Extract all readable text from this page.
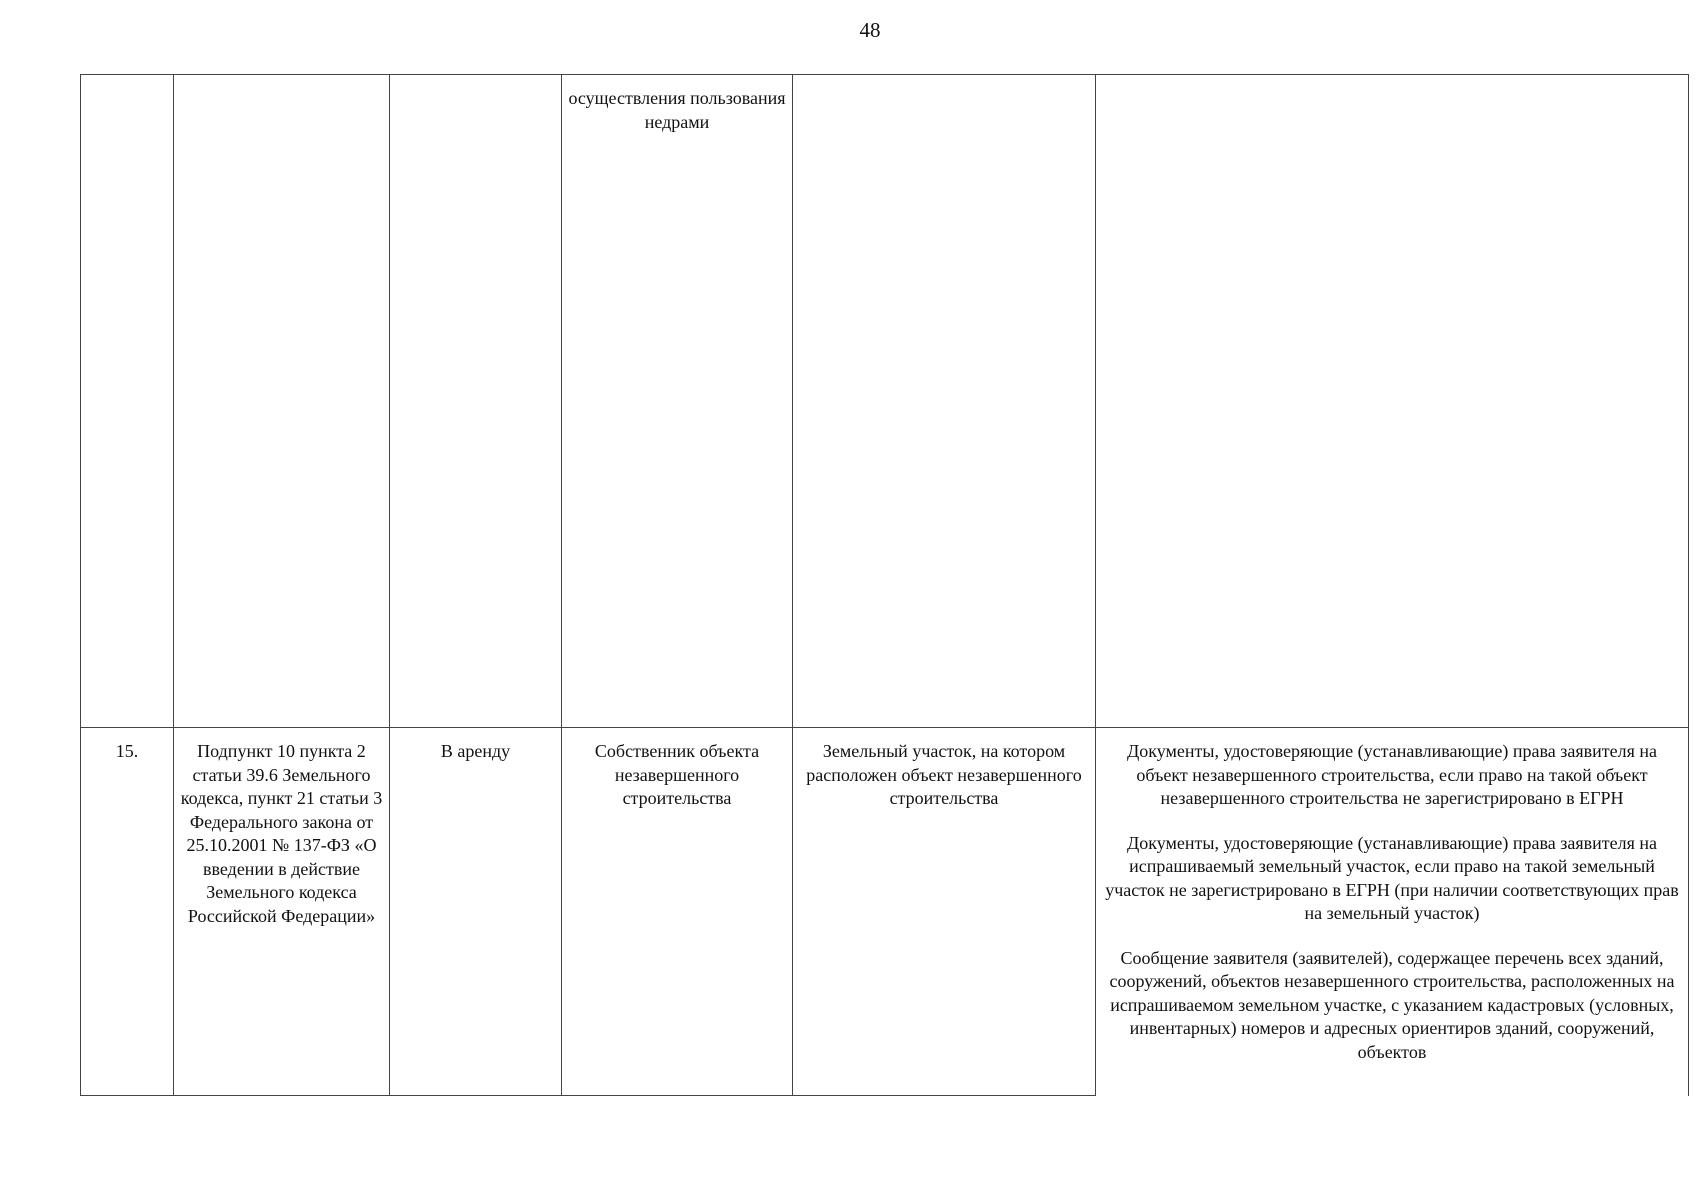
48
			осуществления пользования недрами		
15.	Подпункт 10 пункта 2 статьи 39.6 Земельного кодекса, пункт 21 статьи 3 Федерального закона от 25.10.2001 № 137-ФЗ «О введении в действие Земельного кодекса Российской Федерации»	В аренду	Собственник объекта незавершенного строительства	Земельный участок, на котором расположен объект незавершенного строительства	Документы, удостоверяющие (устанавливающие) права заявителя на объект незавершенного строительства, если право на такой объект незавершенного строительства не зарегистрировано в ЕГРН

Документы, удостоверяющие (устанавливающие) права заявителя на испрашиваемый земельный участок, если право на такой земельный участок не зарегистрировано в ЕГРН (при наличии соответствующих прав на земельный участок)

Сообщение заявителя (заявителей), содержащее перечень всех зданий, сооружений, объектов незавершенного строительства, расположенных на испрашиваемом земельном участке, с указанием кадастровых (условных, инвентарных) номеров и адресных ориентиров зданий, сооружений, объектов
